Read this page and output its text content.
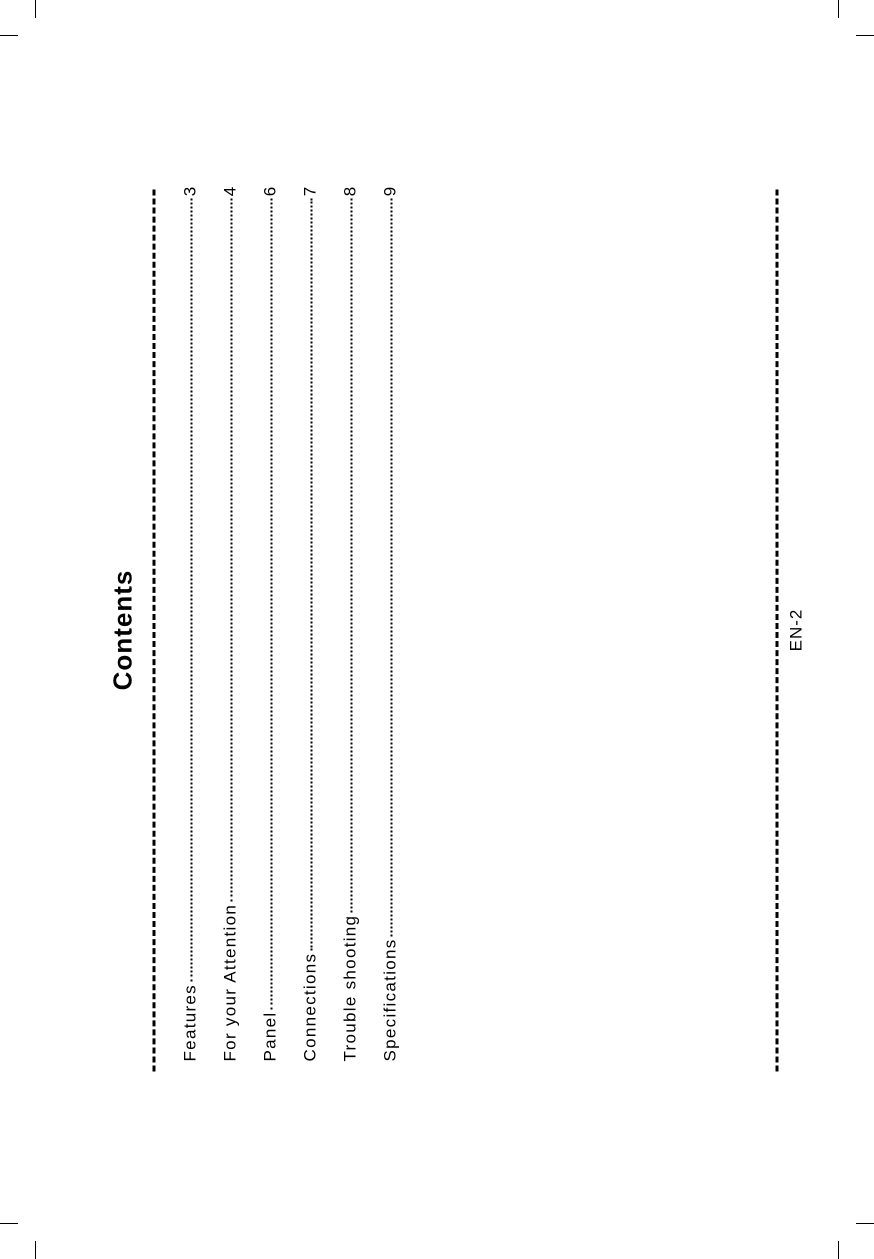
Contents
Features
3
For your Attention
4
Panel
6
Connections
7
Trouble shooting
8
Specifications
9
EN-2
